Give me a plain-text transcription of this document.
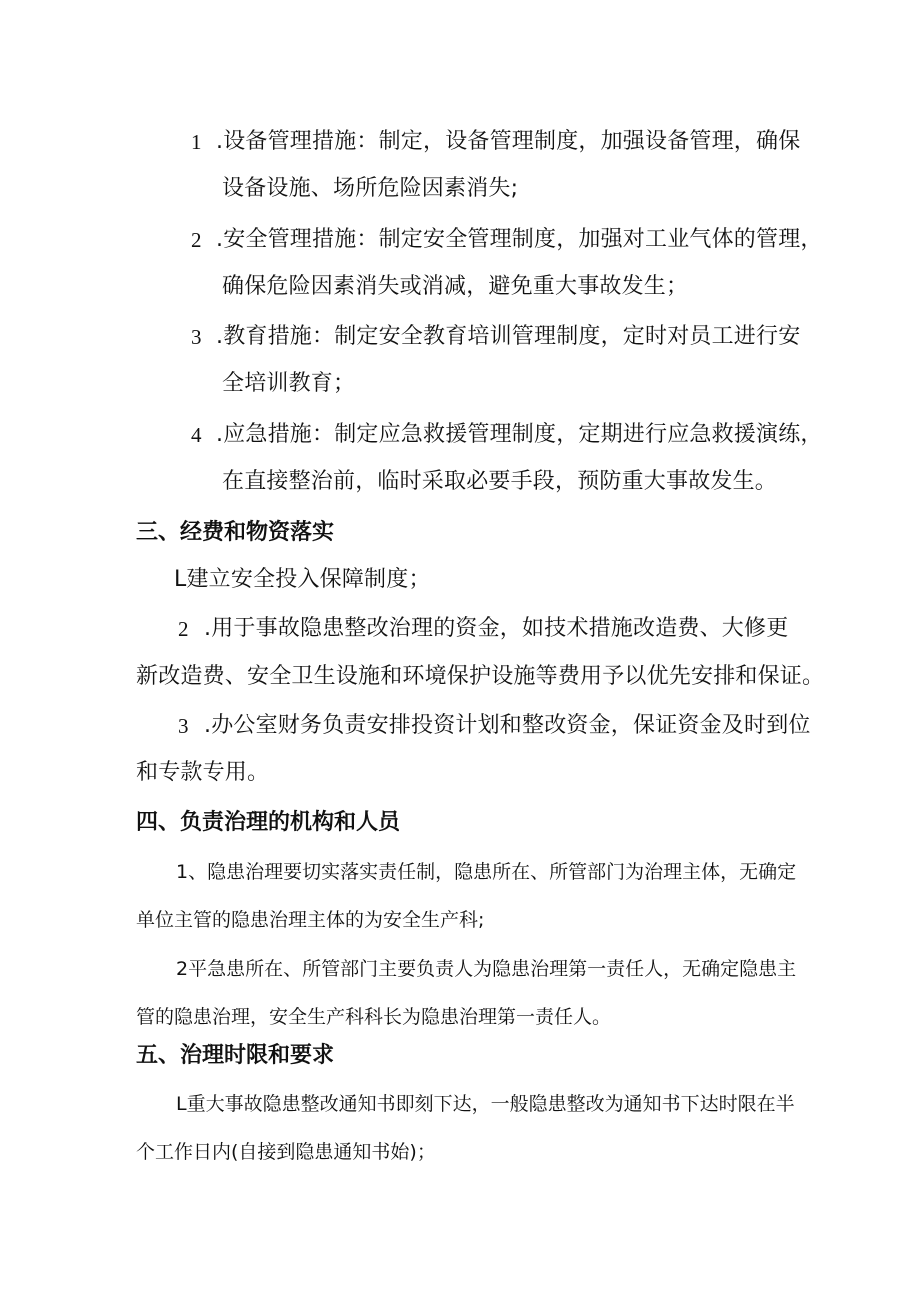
1 .设备管理措施：制定，设备管理制度，加强设备管理，确保
设备设施、场所危险因素消失;
2 .安全管理措施：制定安全管理制度，加强对工业气体的管理，
确保危险因素消失或消减，避免重大事故发生；
3 .教育措施：制定安全教育培训管理制度，定时对员工进行安
全培训教育；
4 .应急措施：制定应急救援管理制度，定期进行应急救援演练，
在直接整治前，临时采取必要手段，预防重大事故发生。
三、经费和物资落实
L建立安全投入保障制度；
2 .用于事故隐患整改治理的资金，如技术措施改造费、大修更
新改造费、安全卫生设施和环境保护设施等费用予以优先安排和保证。
3 .办公室财务负责安排投资计划和整改资金，保证资金及时到位
和专款专用。
四、负责治理的机构和人员
1、隐患治理要切实落实责任制，隐患所在、所管部门为治理主体，无确定
单位主管的隐患治理主体的为安全生产科;
2平急患所在、所管部门主要负责人为隐患治理第一责任人，无确定隐患主
管的隐患治理，安全生产科科长为隐患治理第一责任人。
五、治理时限和要求
L重大事故隐患整改通知书即刻下达，一般隐患整改为通知书下达时限在半
个工作日内(自接到隐患通知书始)；
